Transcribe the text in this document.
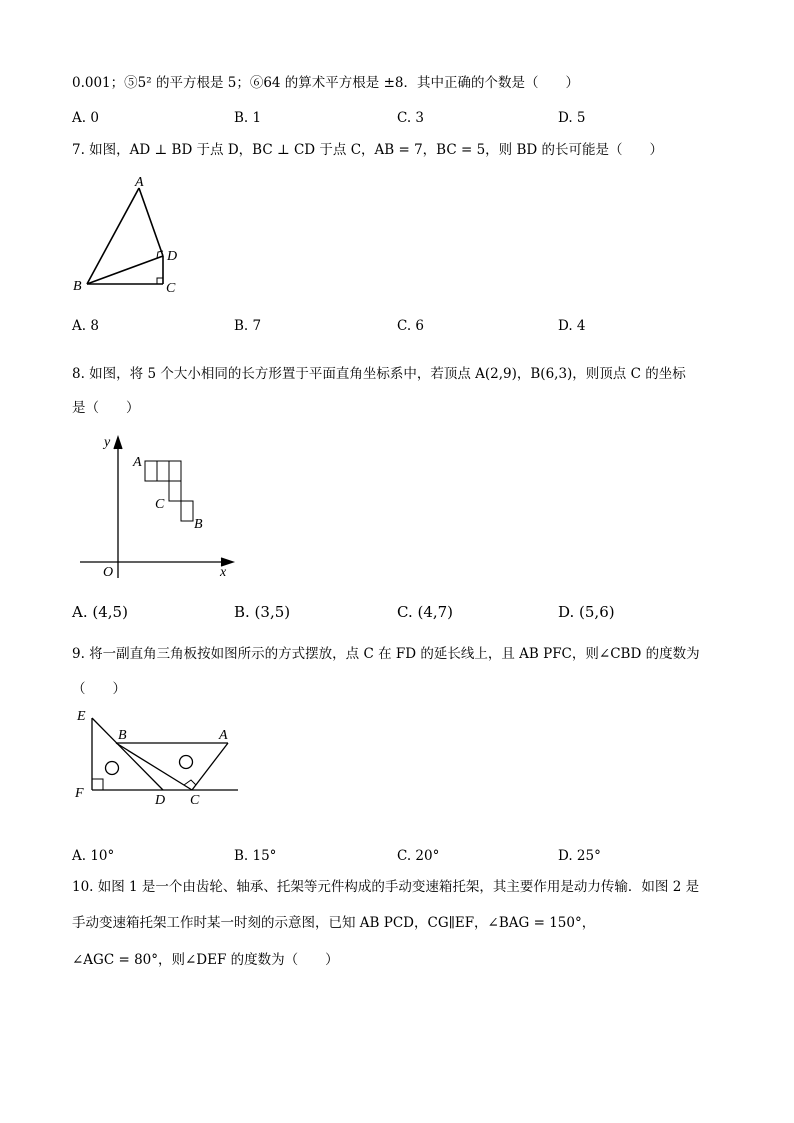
0.001；⑤5² 的平方根是 5；⑥64 的算术平方根是 ±8．其中正确的个数是（　　）
A. 0	B. 1	C. 3	D. 5
7. 如图，AD ⊥ BD 于点 D，BC ⊥ CD 于点 C，AB = 7，BC = 5，则 BD 的长可能是（　　）
A
D
B	C
A. 8	B. 7	C. 6	D. 4
8. 如图，将 5 个大小相同的长方形置于平面直角坐标系中，若顶点 A(2,9)，B(6,3)，则顶点 C 的坐标
是（　　）
y
x
O
A
C
B
A. (4,5)	B. (3,5)	C. (4,7)	D. (5,6)
9. 将一副直角三角板按如图所示的方式摆放，点 C 在 FD 的延长线上，且 AB PFC，则∠CBD 的度数为
（　　）
E
B	A
F	D C
A. 10°	B. 15°	C. 20°	D. 25°
10. 如图 1 是一个由齿轮、轴承、托架等元件构成的手动变速箱托架，其主要作用是动力传输．如图 2 是
手动变速箱托架工作时某一时刻的示意图，已知 AB PCD，CG∥EF，∠BAG = 150°，
∠AGC = 80°，则∠DEF 的度数为（　　）
